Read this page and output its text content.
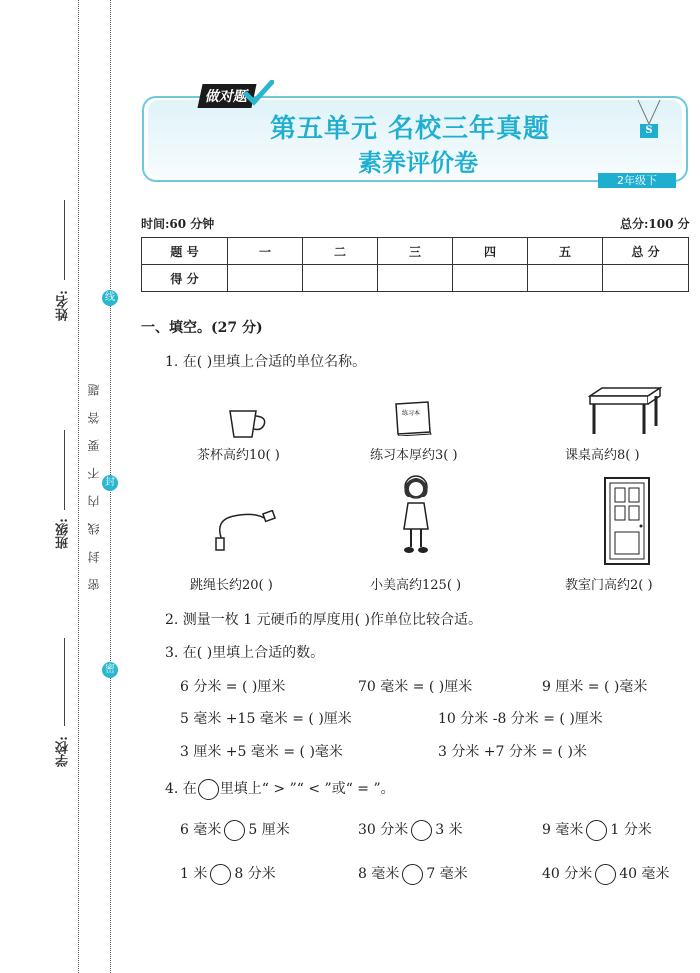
姓名:
班级:
学校:
密 封 线 内 不 要 答 题
线
封
密
做对题
第五单元 名校三年真题
素养评价卷
S
2年级下
时间:60 分钟	总分:100 分
题 号	一	二	三	四	五	总 分
得 分						
一、填空。(27 分)
1. 在( )里填上合适的单位名称。
茶杯高约10( )
练习本
练习本厚约3( )	课桌高约8( )
跳绳长约20( )	小美高约125( )	教室门高约2( )
2. 测量一枚 1 元硬币的厚度用( )作单位比较合适。
3. 在( )里填上合适的数。
6 分米 = ( )厘米	70 毫米 = ( )厘米	9 厘米 = ( )毫米
5 毫米 +15 毫米 = ( )厘米	10 分米 -8 分米 = ( )厘米
3 厘米 +5 毫米 = ( )毫米	3 分米 +7 分米 = ( )米
4. 在 里填上“ > ”“ < ”或“ = ”。
6 毫米 5 厘米	30 分米 3 米	9 毫米 1 分米
1 米 8 分米	8 毫米 7 毫米	40 分米 40 毫米
